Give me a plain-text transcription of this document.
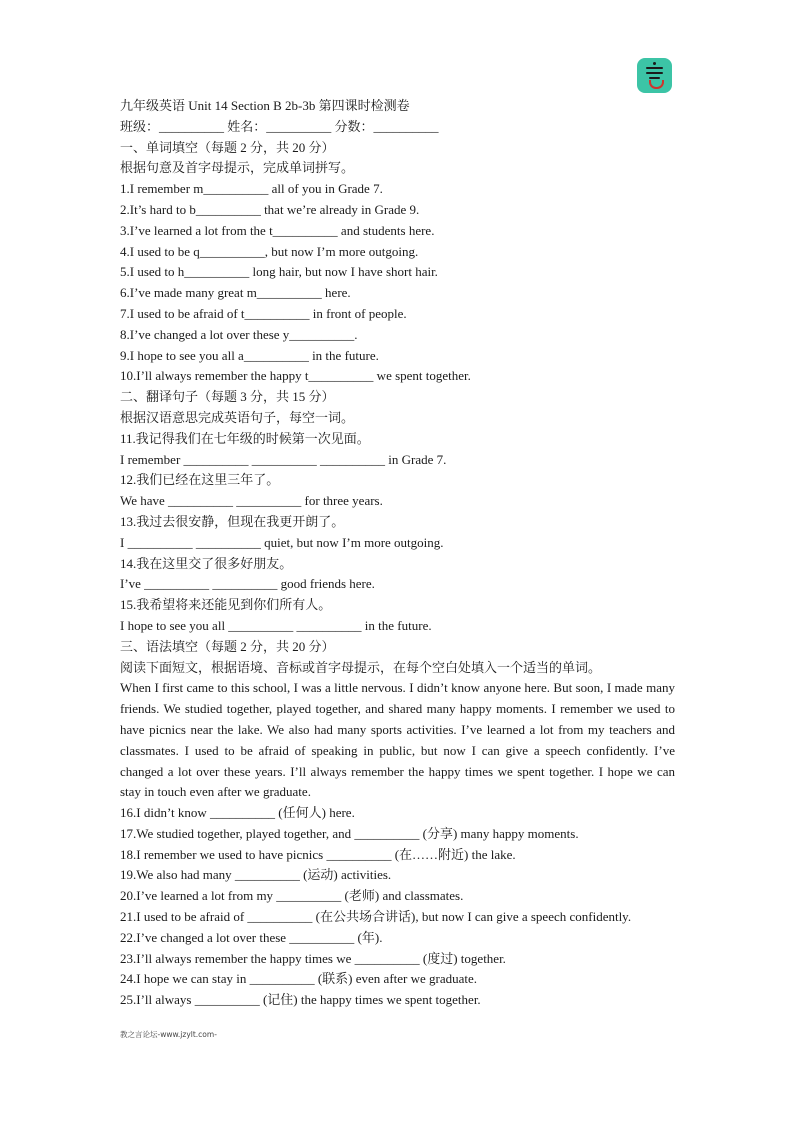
九年级英语 Unit 14 Section B 2b-3b 第四课时检测卷
班级：__________ 姓名：__________ 分数：__________
一、单词填空（每题 2 分，共 20 分）
根据句意及首字母提示，完成单词拼写。
1.I remember m__________ all of you in Grade 7.
2.It’s hard to b__________ that we’re already in Grade 9.
3.I’ve learned a lot from the t__________ and students here.
4.I used to be q__________, but now I’m more outgoing.
5.I used to h__________ long hair, but now I have short hair.
6.I’ve made many great m__________ here.
7.I used to be afraid of t__________ in front of people.
8.I’ve changed a lot over these y__________.
9.I hope to see you all a__________ in the future.
10.I’ll always remember the happy t__________ we spent together.
二、翻译句子（每题 3 分，共 15 分）
根据汉语意思完成英语句子，每空一词。
11.我记得我们在七年级的时候第一次见面。
I remember __________ __________ __________ in Grade 7.
12.我们已经在这里三年了。
We have __________ __________ for three years.
13.我过去很安静，但现在我更开朗了。
I __________ __________ quiet, but now I’m more outgoing.
14.我在这里交了很多好朋友。
I’ve __________ __________ good friends here.
15.我希望将来还能见到你们所有人。
I hope to see you all __________ __________ in the future.
三、语法填空（每题 2 分，共 20 分）
阅读下面短文，根据语境、音标或首字母提示，在每个空白处填入一个适当的单词。
When I first came to this school, I was a little nervous. I didn’t know anyone here. But soon, I made many friends. We studied together, played together, and shared many happy moments. I remember we used to have picnics near the lake. We also had many sports activities. I’ve learned a lot from my teachers and classmates. I used to be afraid of speaking in public, but now I can give a speech confidently. I’ve changed a lot over these years. I’ll always remember the happy times we spent together. I hope we can stay in touch even after we graduate.
16.I didn’t know __________ (任何人) here.
17.We studied together, played together, and __________ (分享) many happy moments.
18.I remember we used to have picnics __________ (在……附近) the lake.
19.We also had many __________ (运动) activities.
20.I’ve learned a lot from my __________ (老师) and classmates.
21.I used to be afraid of __________ (在公共场合讲话), but now I can give a speech confidently.
22.I’ve changed a lot over these __________ (年).
23.I’ll always remember the happy times we __________ (度过) together.
24.I hope we can stay in __________ (联系) even after we graduate.
25.I’ll always __________ (记住) the happy times we spent together.
教之言论坛-www.jzylt.com-
